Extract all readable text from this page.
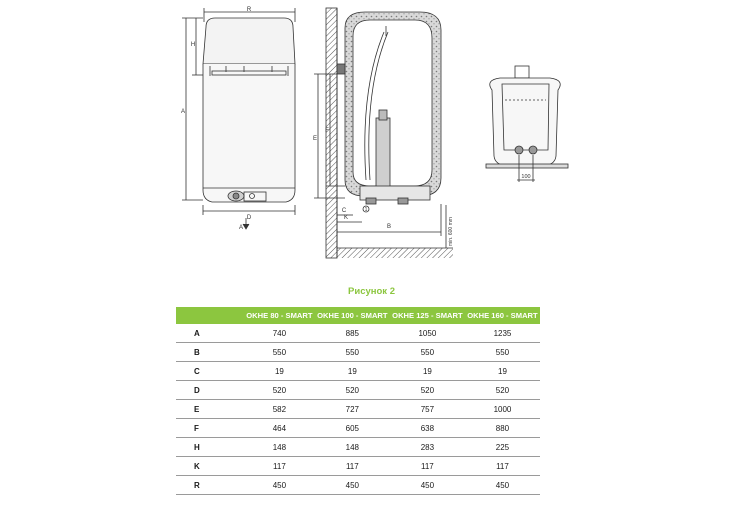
R
H
A
D
A
E
F
B
C
K
1
min. 600 mm
100
Рисунок 2
	OKHE 80 - SMART	OKHE 100 - SMART	OKHE 125 - SMART	OKHE 160 - SMART
A	740	885	1050	1235
B	550	550	550	550
C	19	19	19	19
D	520	520	520	520
E	582	727	757	1000
F	464	605	638	880
H	148	148	283	225
K	117	117	117	117
R	450	450	450	450
